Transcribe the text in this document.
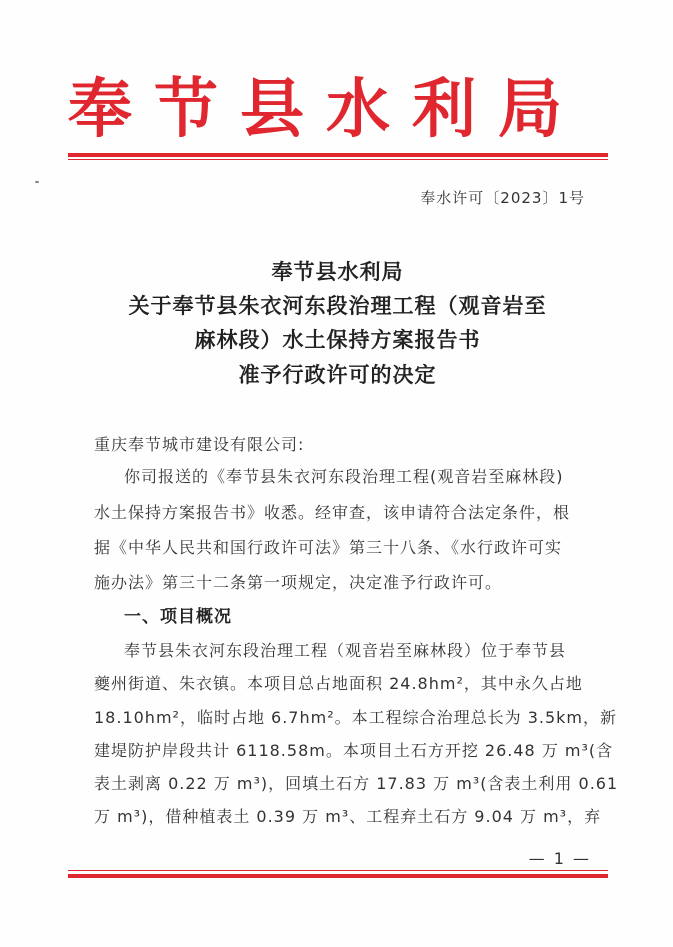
奉节县水利局
奉水许可〔2023〕1号
奉节县水利局
关于奉节县朱衣河东段治理工程（观音岩至
麻林段）水土保持方案报告书
准予行政许可的决定
重庆奉节城市建设有限公司:
你司报送的《奉节县朱衣河东段治理工程(观音岩至麻林段)
水土保持方案报告书》收悉。经审查，该申请符合法定条件，根
据《中华人民共和国行政许可法》第三十八条、《水行政许可实
施办法》第三十二条第一项规定，决定准予行政许可。
一、项目概况
奉节县朱衣河东段治理工程（观音岩至麻林段）位于奉节县
夔州街道、朱衣镇。本项目总占地面积 24.8hm²，其中永久占地
18.10hm²，临时占地 6.7hm²。本工程综合治理总长为 3.5km，新
建堤防护岸段共计 6118.58m。本项目土石方开挖 26.48 万 m³(含
表土剥离 0.22 万 m³)，回填土石方 17.83 万 m³(含表土利用 0.61
万 m³)，借种植表土 0.39 万 m³、工程弃土石方 9.04 万 m³，弃
— 1 —
